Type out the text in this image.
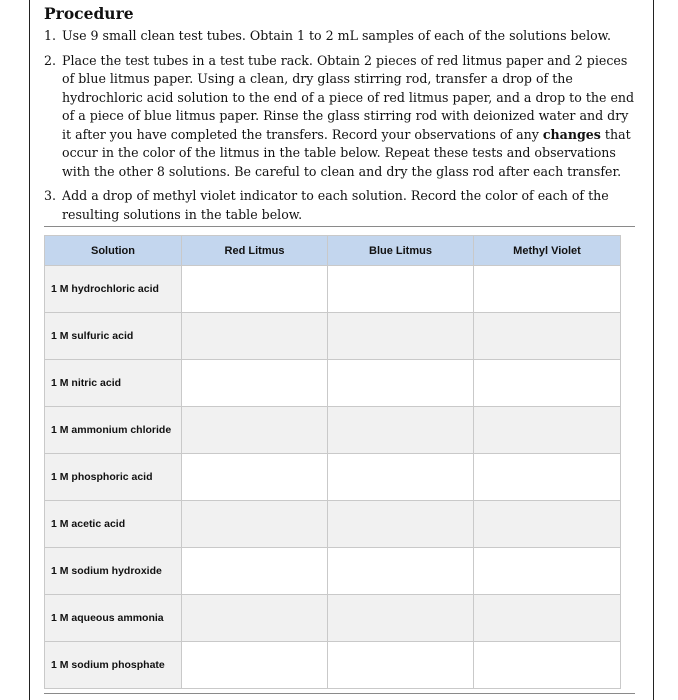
Procedure
1. Use 9 small clean test tubes. Obtain 1 to 2 mL samples of each of the solutions below.
2. Place the test tubes in a test tube rack. Obtain 2 pieces of red litmus paper and 2 pieces of blue litmus paper. Using a clean, dry glass stirring rod, transfer a drop of the hydrochloric acid solution to the end of a piece of red litmus paper, and a drop to the end of a piece of blue litmus paper. Rinse the glass stirring rod with deionized water and dry it after you have completed the transfers. Record your observations of any changes that occur in the color of the litmus in the table below. Repeat these tests and observations with the other 8 solutions. Be careful to clean and dry the glass rod after each transfer.
3. Add a drop of methyl violet indicator to each solution. Record the color of each of the resulting solutions in the table below.
Solution	Red Litmus	Blue Litmus	Methyl Violet
1 M hydrochloric acid			
1 M sulfuric acid			
1 M nitric acid			
1 M ammonium chloride			
1 M phosphoric acid			
1 M acetic acid			
1 M sodium hydroxide			
1 M aqueous ammonia			
1 M sodium phosphate			
